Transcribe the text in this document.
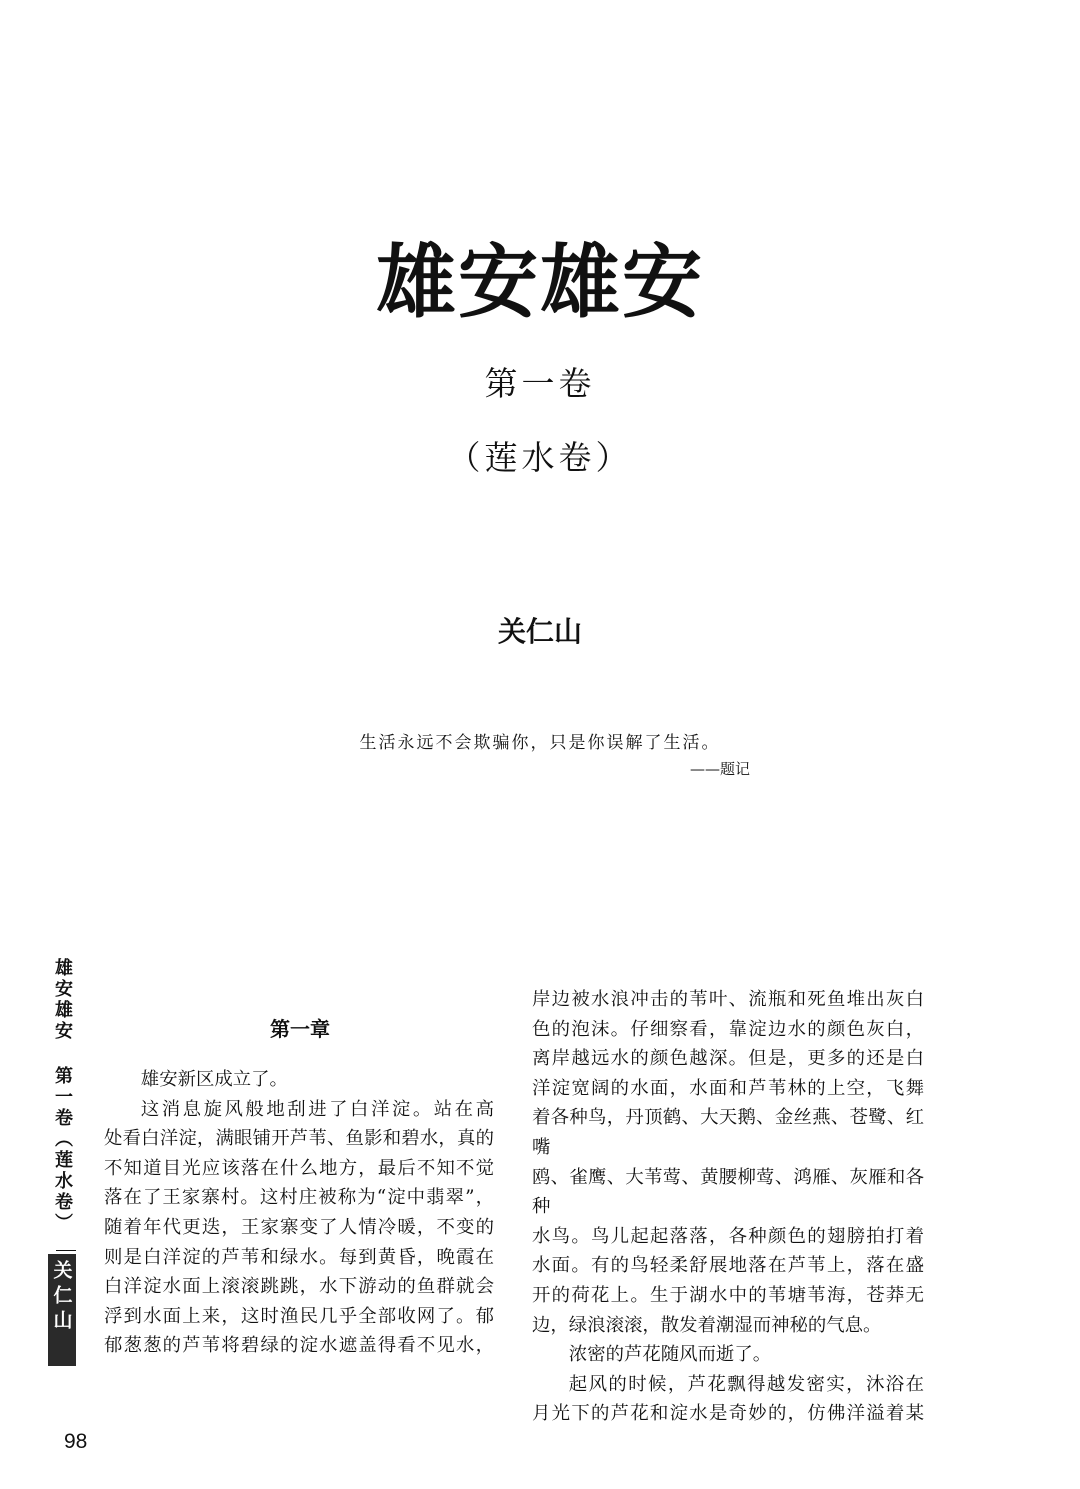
雄安雄安
第一卷
（莲水卷）
关仁山
生活永远不会欺骗你，只是你误解了生活。
——题记
雄安雄安 第一卷（莲水卷）
关仁山
第一章

雄安新区成立了。

这消息旋风般地刮进了白洋淀。站在高

处看白洋淀，满眼铺开芦苇、鱼影和碧水，真的

不知道目光应该落在什么地方，最后不知不觉

落在了王家寨村。这村庄被称为“淀中翡翠”，

随着年代更迭，王家寨变了人情冷暖，不变的

则是白洋淀的芦苇和绿水。每到黄昏，晚霞在

白洋淀水面上滚滚跳跳，水下游动的鱼群就会

浮到水面上来，这时渔民几乎全部收网了。郁

郁葱葱的芦苇将碧绿的淀水遮盖得看不见水，

岸边被水浪冲击的苇叶、流瓶和死鱼堆出灰白

色的泡沫。仔细察看，靠淀边水的颜色灰白，

离岸越远水的颜色越深。但是，更多的还是白

洋淀宽阔的水面，水面和芦苇林的上空，飞舞

着各种鸟，丹顶鹤、大天鹅、金丝燕、苍鹭、红嘴

鸥、雀鹰、大苇莺、黄腰柳莺、鸿雁、灰雁和各种

水鸟。鸟儿起起落落，各种颜色的翅膀拍打着

水面。有的鸟轻柔舒展地落在芦苇上，落在盛

开的荷花上。生于湖水中的苇塘苇海，苍莽无

边，绿浪滚滚，散发着潮湿而神秘的气息。

浓密的芦花随风而逝了。

起风的时候，芦花飘得越发密实，沐浴在

月光下的芦花和淀水是奇妙的，仿佛洋溢着某

98
